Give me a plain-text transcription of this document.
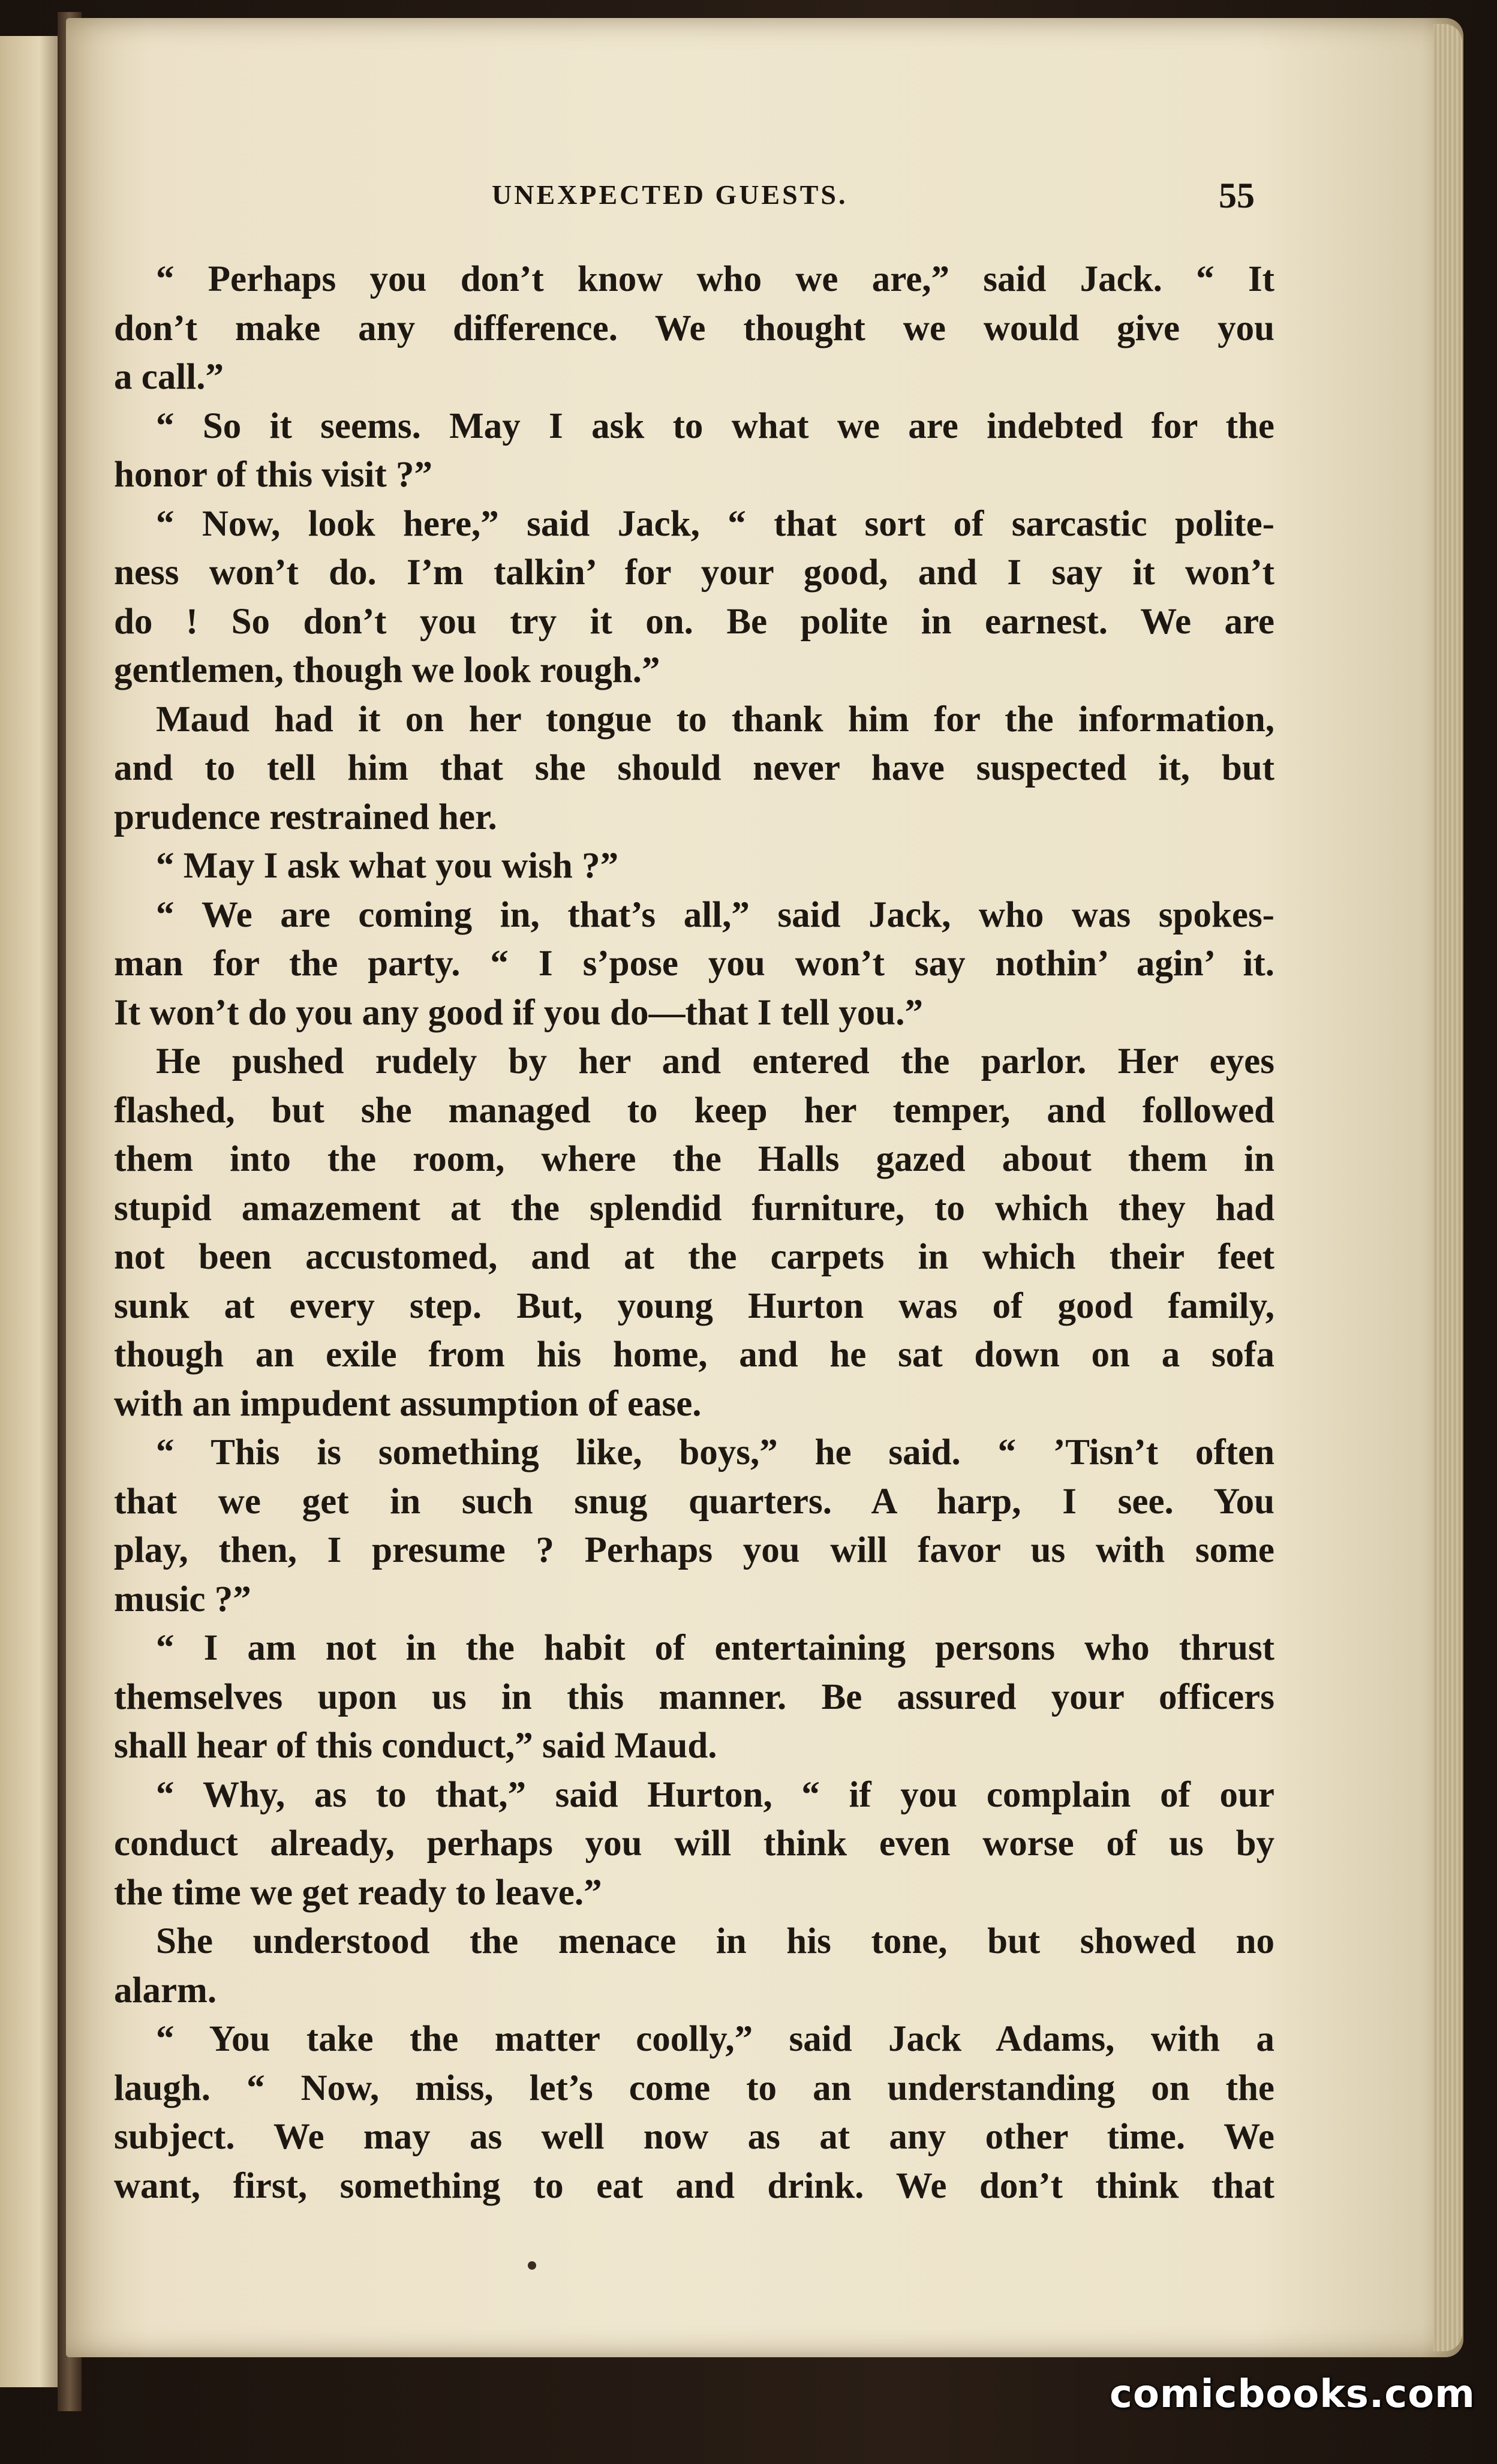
UNEXPECTED GUESTS.	55
“ Perhaps you don’t know who we are,” said Jack. “ It
don’t make any difference. We thought we would give you
a call.”
“ So it seems. May I ask to what we are indebted for the
honor of this visit ?”
“ Now, look here,” said Jack, “ that sort of sarcastic polite-
ness won’t do. I’m talkin’ for your good, and I say it won’t
do ! So don’t you try it on. Be polite in earnest. We are
gentlemen, though we look rough.”
Maud had it on her tongue to thank him for the information,
and to tell him that she should never have suspected it, but
prudence restrained her.
“ May I ask what you wish ?”
“ We are coming in, that’s all,” said Jack, who was spokes-
man for the party. “ I s’pose you won’t say nothin’ agin’ it.
It won’t do you any good if you do—that I tell you.”
He pushed rudely by her and entered the parlor. Her eyes
flashed, but she managed to keep her temper, and followed
them into the room, where the Halls gazed about them in
stupid amazement at the splendid furniture, to which they had
not been accustomed, and at the carpets in which their feet
sunk at every step. But, young Hurton was of good family,
though an exile from his home, and he sat down on a sofa
with an impudent assumption of ease.
“ This is something like, boys,” he said. “ ’Tisn’t often
that we get in such snug quarters. A harp, I see. You
play, then, I presume ? Perhaps you will favor us with some
music ?”
“ I am not in the habit of entertaining persons who thrust
themselves upon us in this manner. Be assured your officers
shall hear of this conduct,” said Maud.
“ Why, as to that,” said Hurton, “ if you complain of our
conduct already, perhaps you will think even worse of us by
the time we get ready to leave.”
She understood the menace in his tone, but showed no
alarm.
“ You take the matter coolly,” said Jack Adams, with a
laugh. “ Now, miss, let’s come to an understanding on the
subject. We may as well now as at any other time. We
want, first, something to eat and drink. We don’t think that
comicbooks.com
